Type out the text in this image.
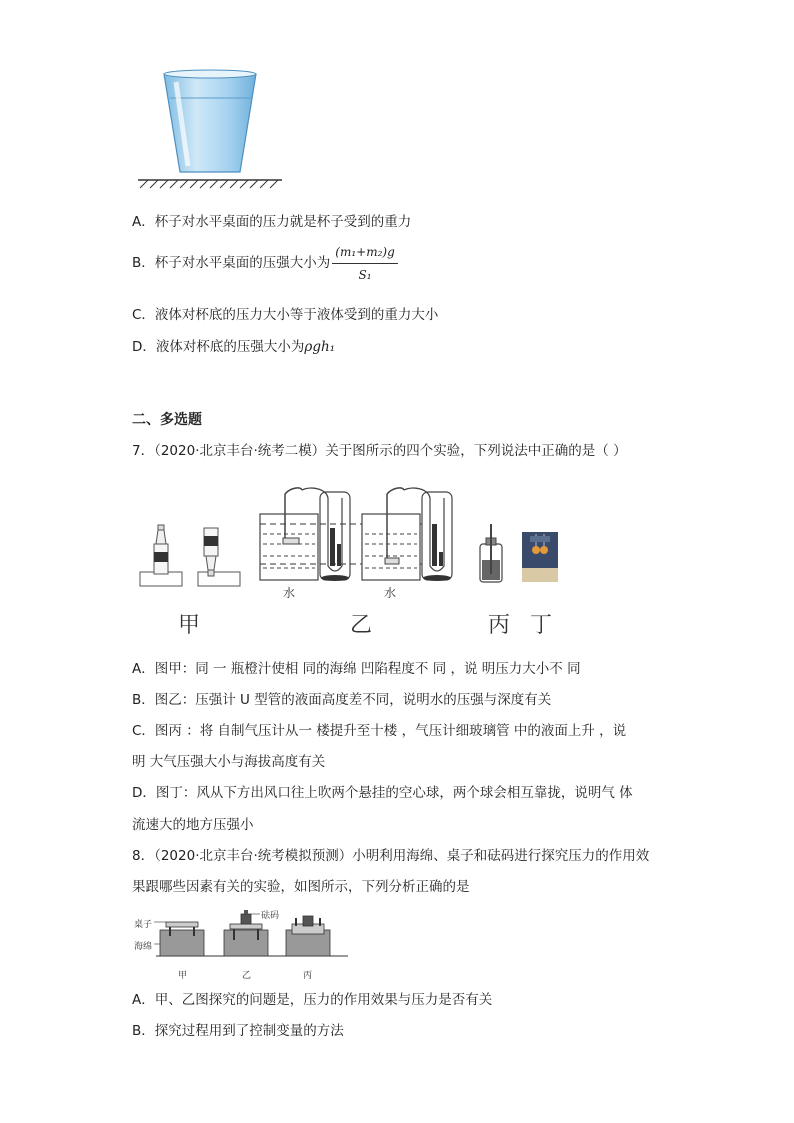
A．杯子对水平桌面的压力就是杯子受到的重力
B．杯子对水平桌面的压强大小为 $\frac{\text{(m₁+m₂)g}}{\text{S₁}}$
C．液体对杯底的压力大小等于液体受到的重力大小
D．液体对杯底的压强大小为ρgh₁
二、多选题
7．（2020·北京丰台·统考二模）关于图所示的四个实验，下列说法中正确的是（ ）
水	水
甲	乙	丙 丁
A．图甲：同 一 瓶橙汁使相 同的海绵 凹陷程度不 同 ，说 明压力大小不 同
B．图乙：压强计 U 型管的液面高度差不同，说明水的压强与深度有关
C．图丙 ：将 自制气压计从一 楼提升至十楼 ，气压计细玻璃管 中的液面上升 ，说
明 大气压强大小与海拔高度有关
D．图丁：风从下方出风口往上吹两个悬挂的空心球，两个球会相互靠拢，说明气 体
流速大的地方压强小
8．（2020·北京丰台·统考模拟预测）小明利用海绵、桌子和砝码进行探究压力的作用效
果跟哪些因素有关的实验，如图所示，下列分析正确的是
桌子
海绵
砝码
甲	乙	丙
A．甲、乙图探究的问题是，压力的作用效果与压力是否有关
B．探究过程用到了控制变量的方法
